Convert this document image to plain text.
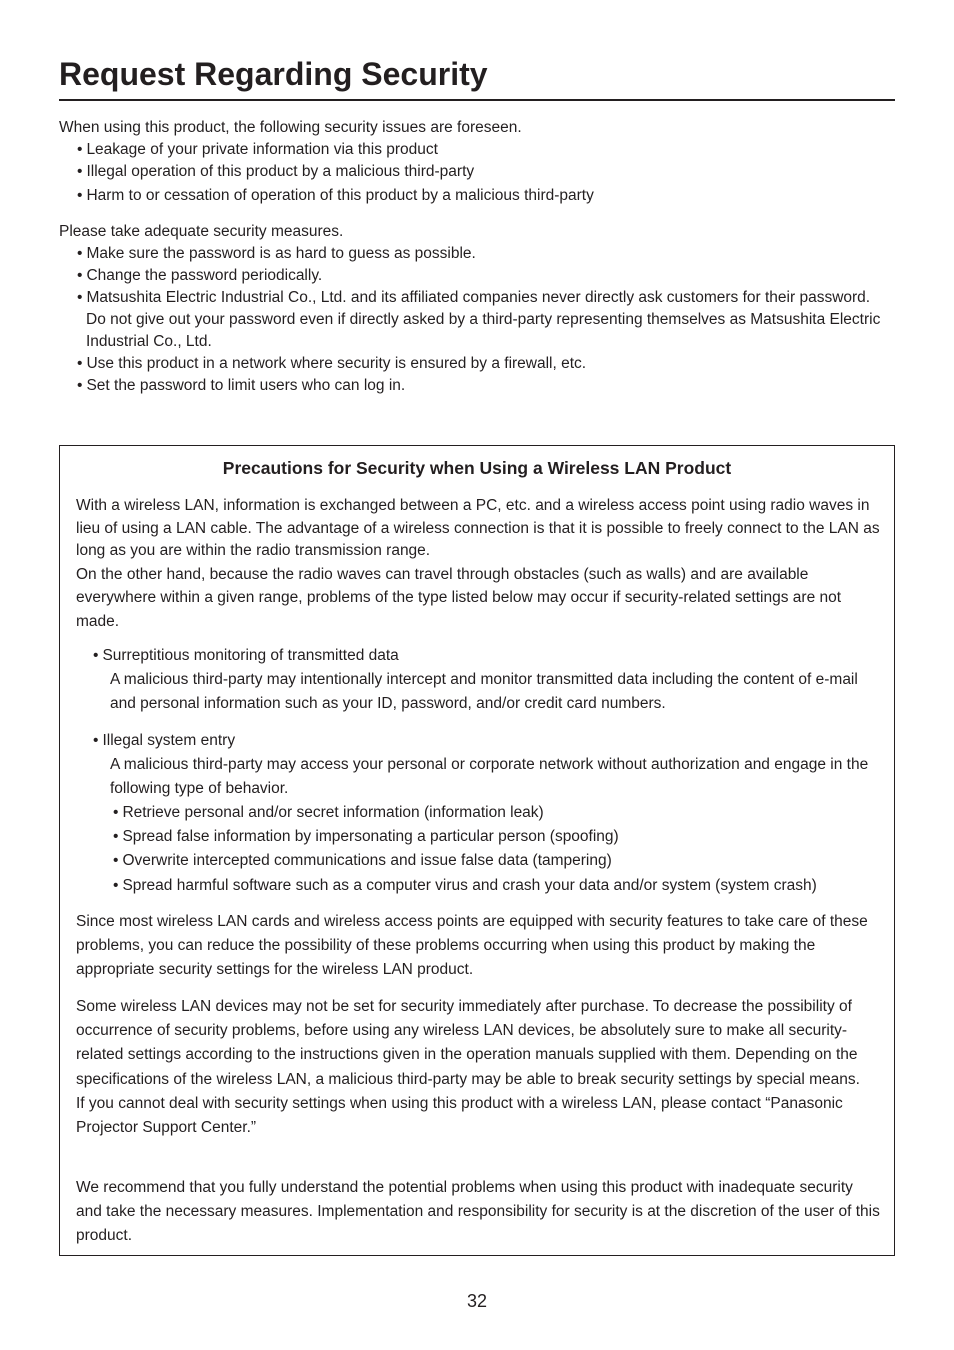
Request Regarding Security

When using this product, the following security issues are foreseen.

• Leakage of your private information via this product
• Illegal operation of this product by a malicious third-party
• Harm to or cessation of operation of this product by a malicious third-party

Please take adequate security measures.

• Make sure the password is as hard to guess as possible.
• Change the password periodically.
• Matsushita Electric Industrial Co., Ltd. and its affiliated companies never directly ask customers for their password.
Do not give out your password even if directly asked by a third-party representing themselves as Matsushita Electric Industrial Co., Ltd.
• Use this product in a network where security is ensured by a firewall, etc.
• Set the password to limit users who can log in.
Precautions for Security when Using a Wireless LAN Product

With a wireless LAN, information is exchanged between a PC, etc. and a wireless access point using radio waves in lieu of using a LAN cable. The advantage of a wireless connection is that it is possible to freely connect to the LAN as long as you are within the radio transmission range.

On the other hand, because the radio waves can travel through obstacles (such as walls) and are available everywhere within a given range, problems of the type listed below may occur if security-related settings are not made.

• Surreptitious monitoring of transmitted data

A malicious third-party may intentionally intercept and monitor transmitted data including the content of e-mail and personal information such as your ID, password, and/or credit card numbers.

• Illegal system entry

A malicious third-party may access your personal or corporate network without authorization and engage in the following type of behavior.

• Retrieve personal and/or secret information (information leak)
• Spread false information by impersonating a particular person (spoofing)
• Overwrite intercepted communications and issue false data (tampering)
• Spread harmful software such as a computer virus and crash your data and/or system (system crash)

Since most wireless LAN cards and wireless access points are equipped with security features to take care of these problems, you can reduce the possibility of these problems occurring when using this product by making the appropriate security settings for the wireless LAN product.

Some wireless LAN devices may not be set for security immediately after purchase. To decrease the possibility of occurrence of security problems, before using any wireless LAN devices, be absolutely sure to make all security-related settings according to the instructions given in the operation manuals supplied with them. Depending on the specifications of the wireless LAN, a malicious third-party may be able to break security settings by special means.

If you cannot deal with security settings when using this product with a wireless LAN, please contact “Panasonic Projector Support Center.”

We recommend that you fully understand the potential problems when using this product with inadequate security and take the necessary measures. Implementation and responsibility for security is at the discretion of the user of this product.

32
